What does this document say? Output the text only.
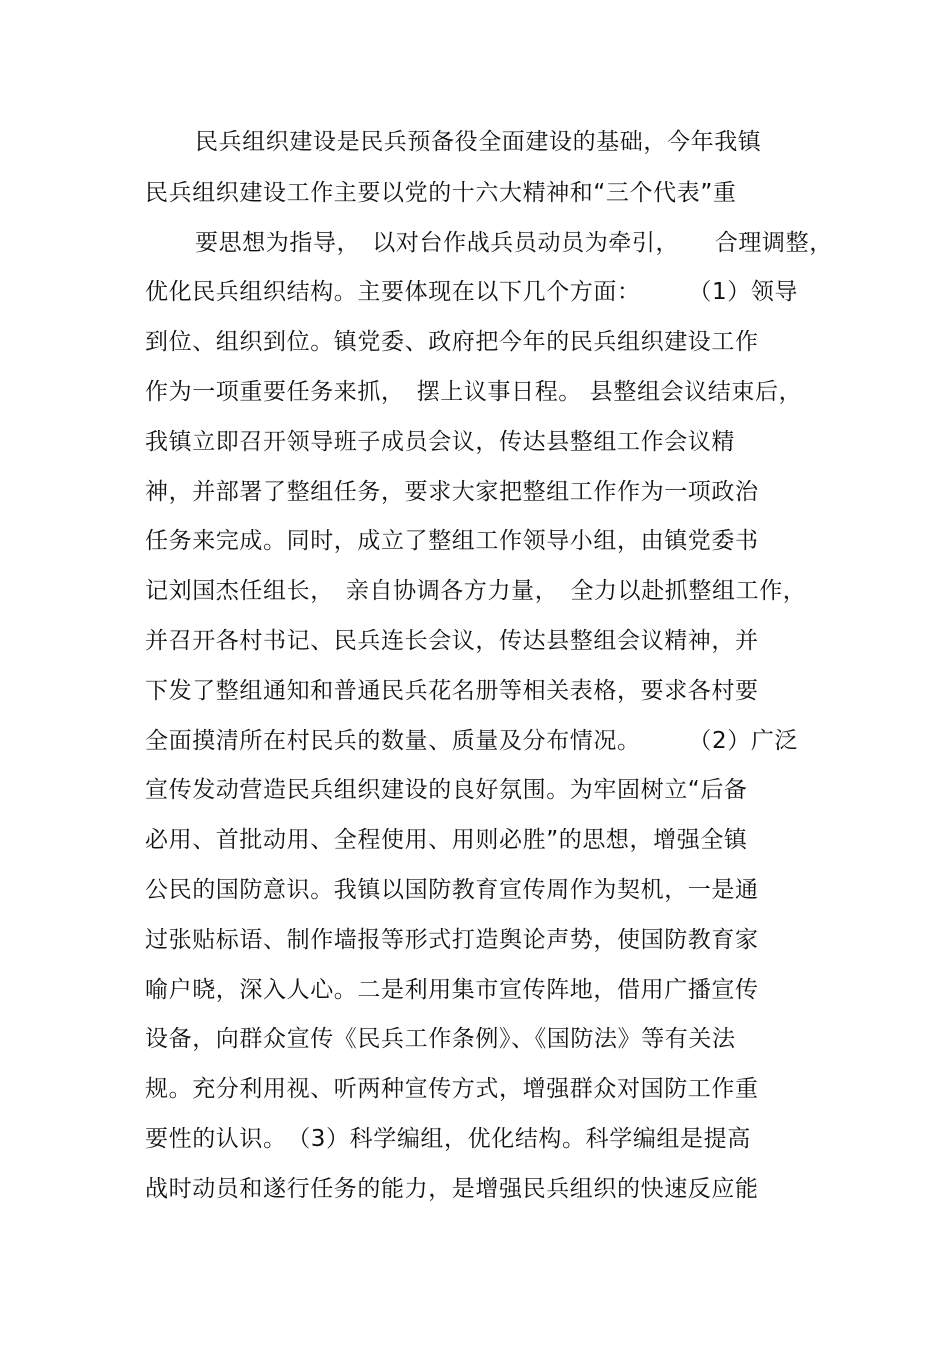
民兵组织建设是民兵预备役全面建设的基础，今年我镇
民兵组织建设工作主要以党的十六大精神和“三个代表”重
要思想为指导，　以对台作战兵员动员为牵引，　　合理调整，
优化民兵组织结构。主要体现在以下几个方面：　　　（1）领导
到位、组织到位。镇党委、政府把今年的民兵组织建设工作
作为一项重要任务来抓，　摆上议事日程。 县整组会议结束后，
我镇立即召开领导班子成员会议，传达县整组工作会议精
神，并部署了整组任务，要求大家把整组工作作为一项政治
任务来完成。同时，成立了整组工作领导小组，由镇党委书
记刘国杰任组长，　亲自协调各方力量，　全力以赴抓整组工作，
并召开各村书记、民兵连长会议，传达县整组会议精神，并
下发了整组通知和普通民兵花名册等相关表格，要求各村要
全面摸清所在村民兵的数量、质量及分布情况。　　　（2）广泛
宣传发动营造民兵组织建设的良好氛围。为牢固树立“后备
必用、首批动用、全程使用、用则必胜”的思想，增强全镇
公民的国防意识。我镇以国防教育宣传周作为契机，一是通
过张贴标语、制作墙报等形式打造舆论声势，使国防教育家
喻户晓，深入人心。二是利用集市宣传阵地，借用广播宣传
设备，向群众宣传《民兵工作条例》、《国防法》等有关法
规。充分利用视、听两种宣传方式，增强群众对国防工作重
要性的认识。　（3）科学编组，优化结构。科学编组是提高
战时动员和遂行任务的能力，是增强民兵组织的快速反应能
